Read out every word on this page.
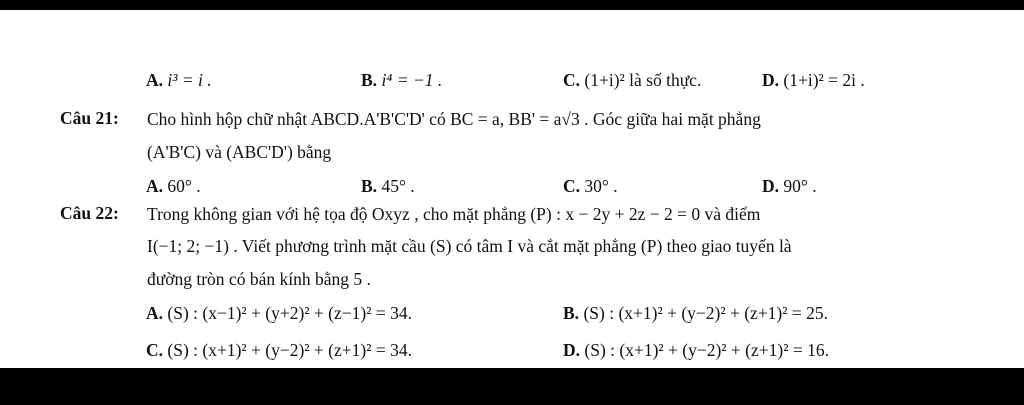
A. i³ = i .	B. i⁴ = −1 .	C. (1+i)² là số thực.	D. (1+i)² = 2i .
Câu 21: Cho hình hộp chữ nhật ABCD.A'B'C'D' có BC = a, BB' = a√3 . Góc giữa hai mặt phẳng
(A'B'C) và (ABC'D') bằng
A. 60° .	B. 45° .	C. 30° .	D. 90° .
Câu 22: Trong không gian với hệ tọa độ Oxyz , cho mặt phẳng (P) : x − 2y + 2z − 2 = 0 và điểm
I(−1; 2; −1) . Viết phương trình mặt cầu (S) có tâm I và cắt mặt phẳng (P) theo giao tuyến là
đường tròn có bán kính bằng 5 .
A. (S) : (x−1)² + (y+2)² + (z−1)² = 34.	B. (S) : (x+1)² + (y−2)² + (z+1)² = 25.
C. (S) : (x+1)² + (y−2)² + (z+1)² = 34.	D. (S) : (x+1)² + (y−2)² + (z+1)² = 16.
